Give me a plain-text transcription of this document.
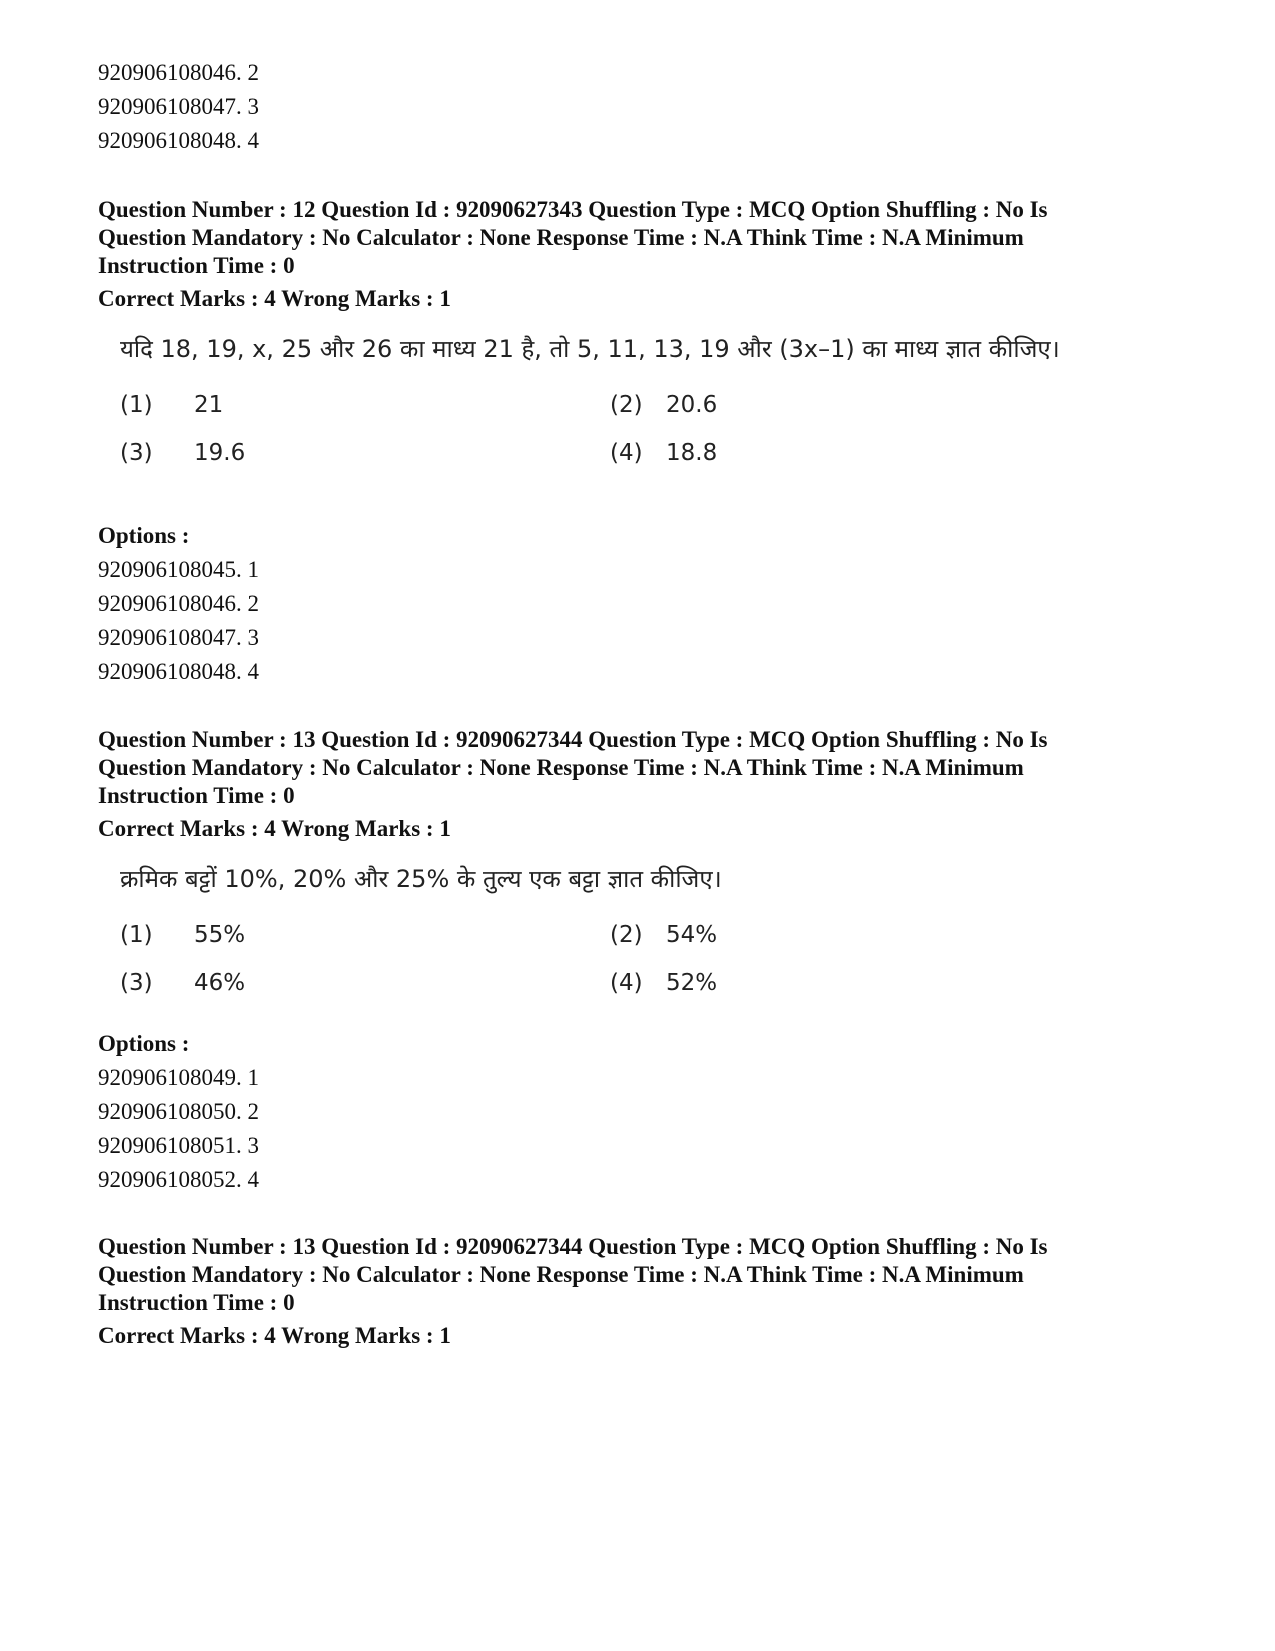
920906108046. 2
920906108047. 3
920906108048. 4
Question Number : 12 Question Id : 92090627343 Question Type : MCQ Option Shuffling : No Is
Question Mandatory : No Calculator : None Response Time : N.A Think Time : N.A Minimum
Instruction Time : 0
Correct Marks : 4 Wrong Marks : 1
यदि 18, 19, x, 25 और 26 का माध्य 21 है, तो 5, 11, 13, 19 और (3x–1) का माध्य ज्ञात कीजिए।
(1) 21	(2) 20.6
(3) 19.6	(4) 18.8
Options :
920906108045. 1
920906108046. 2
920906108047. 3
920906108048. 4
Question Number : 13 Question Id : 92090627344 Question Type : MCQ Option Shuffling : No Is
Question Mandatory : No Calculator : None Response Time : N.A Think Time : N.A Minimum
Instruction Time : 0
Correct Marks : 4 Wrong Marks : 1
क्रमिक बट्टों 10%, 20% और 25% के तुल्य एक बट्टा ज्ञात कीजिए।
(1) 55%	(2) 54%
(3) 46%	(4) 52%
Options :
920906108049. 1
920906108050. 2
920906108051. 3
920906108052. 4
Question Number : 13 Question Id : 92090627344 Question Type : MCQ Option Shuffling : No Is
Question Mandatory : No Calculator : None Response Time : N.A Think Time : N.A Minimum
Instruction Time : 0
Correct Marks : 4 Wrong Marks : 1
